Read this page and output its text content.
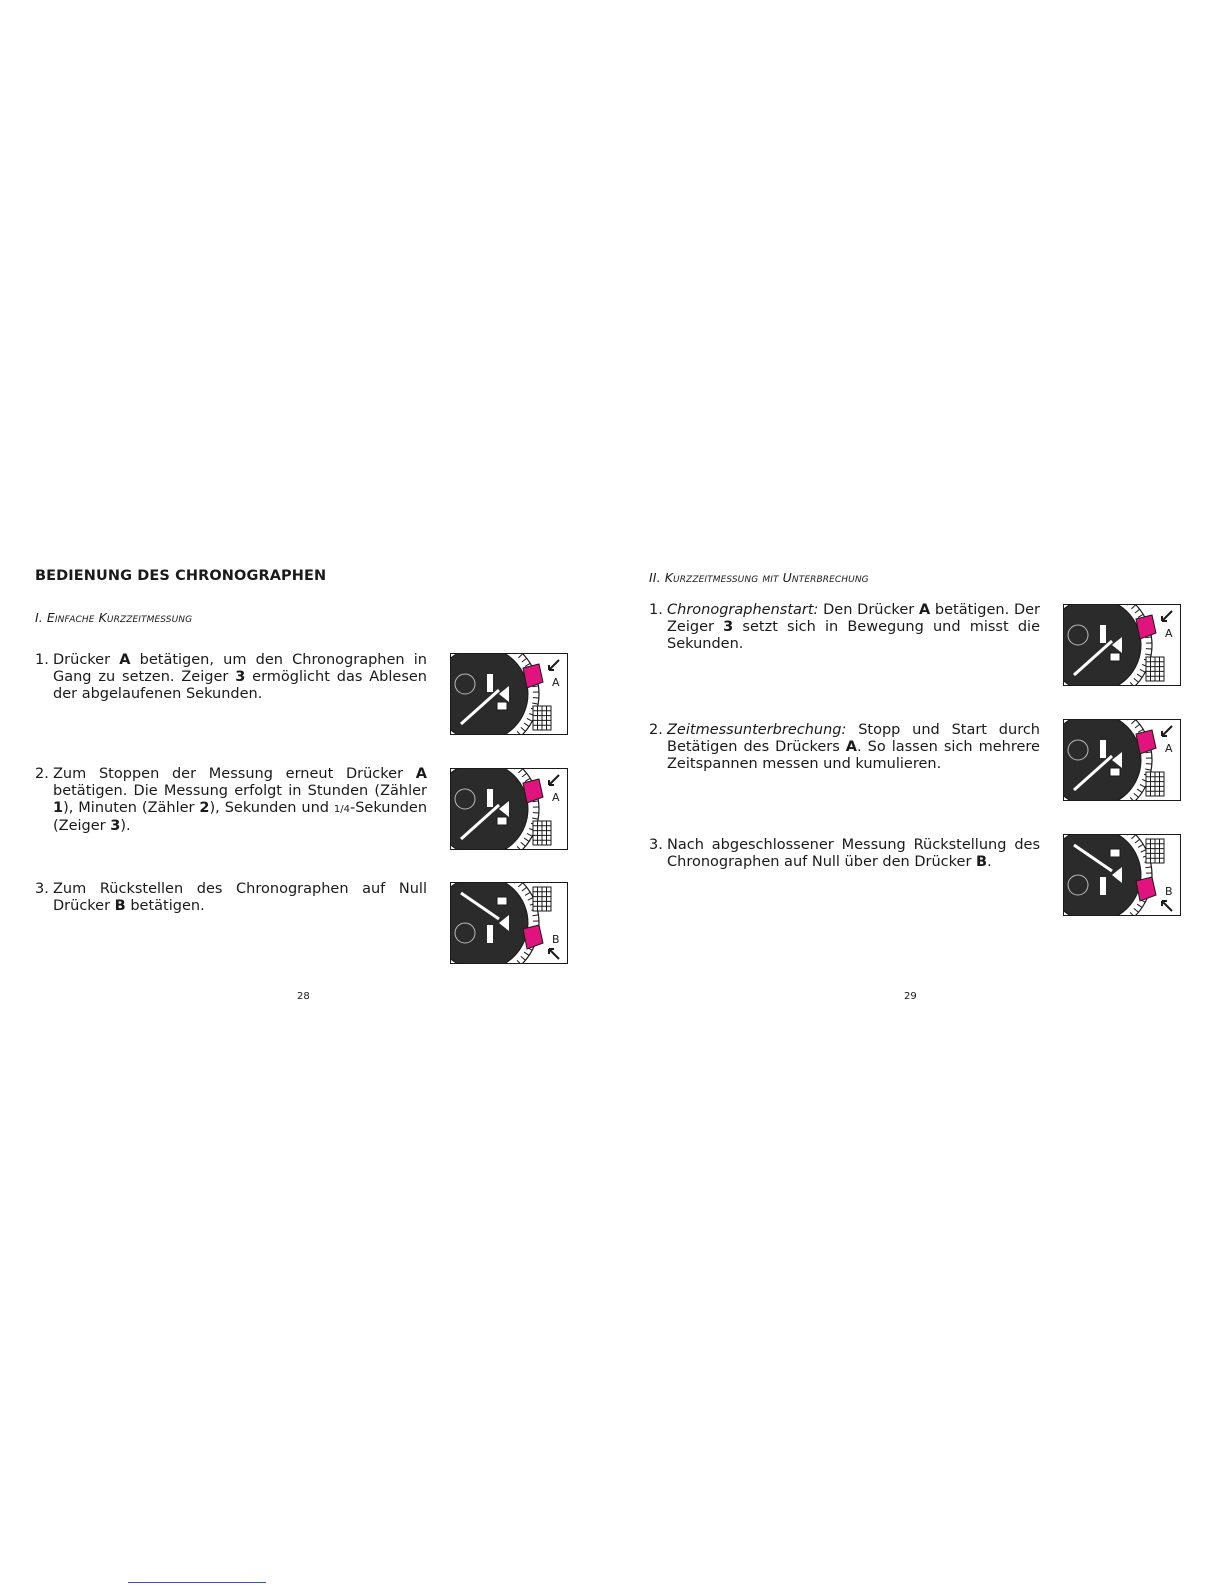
BEDIENUNG DES CHRONOGRAPHEN
I. Einfache Kurzzeitmessung

1. Drücker A betätigen, um den Chronographen in Gang zu setzen. Zeiger 3 ermöglicht das Ablesen der abgelaufenen Sekunden.

A

2. Zum Stoppen der Messung erneut Drücker A betätigen. Die Messung erfolgt in Stunden (Zähler 1), Minuten (Zähler 2), Sekunden und 1/4-Sekunden (Zeiger 3).

A

3. Zum Rückstellen des Chronographen auf Null Drücker B betätigen.

B

28

II. Kurzzeitmessung mit Unterbrechung

1. Chronographenstart: Den Drücker A betätigen. Der Zeiger 3 setzt sich in Bewegung und misst die Sekunden.

A

2. Zeitmessunterbrechung: Stopp und Start durch Betätigen des Drückers A. So lassen sich mehrere Zeitspannen messen und kumulieren.

A

3. Nach abgeschlossener Messung Rückstellung des Chronographen auf Null über den Drücker B.

B

29
